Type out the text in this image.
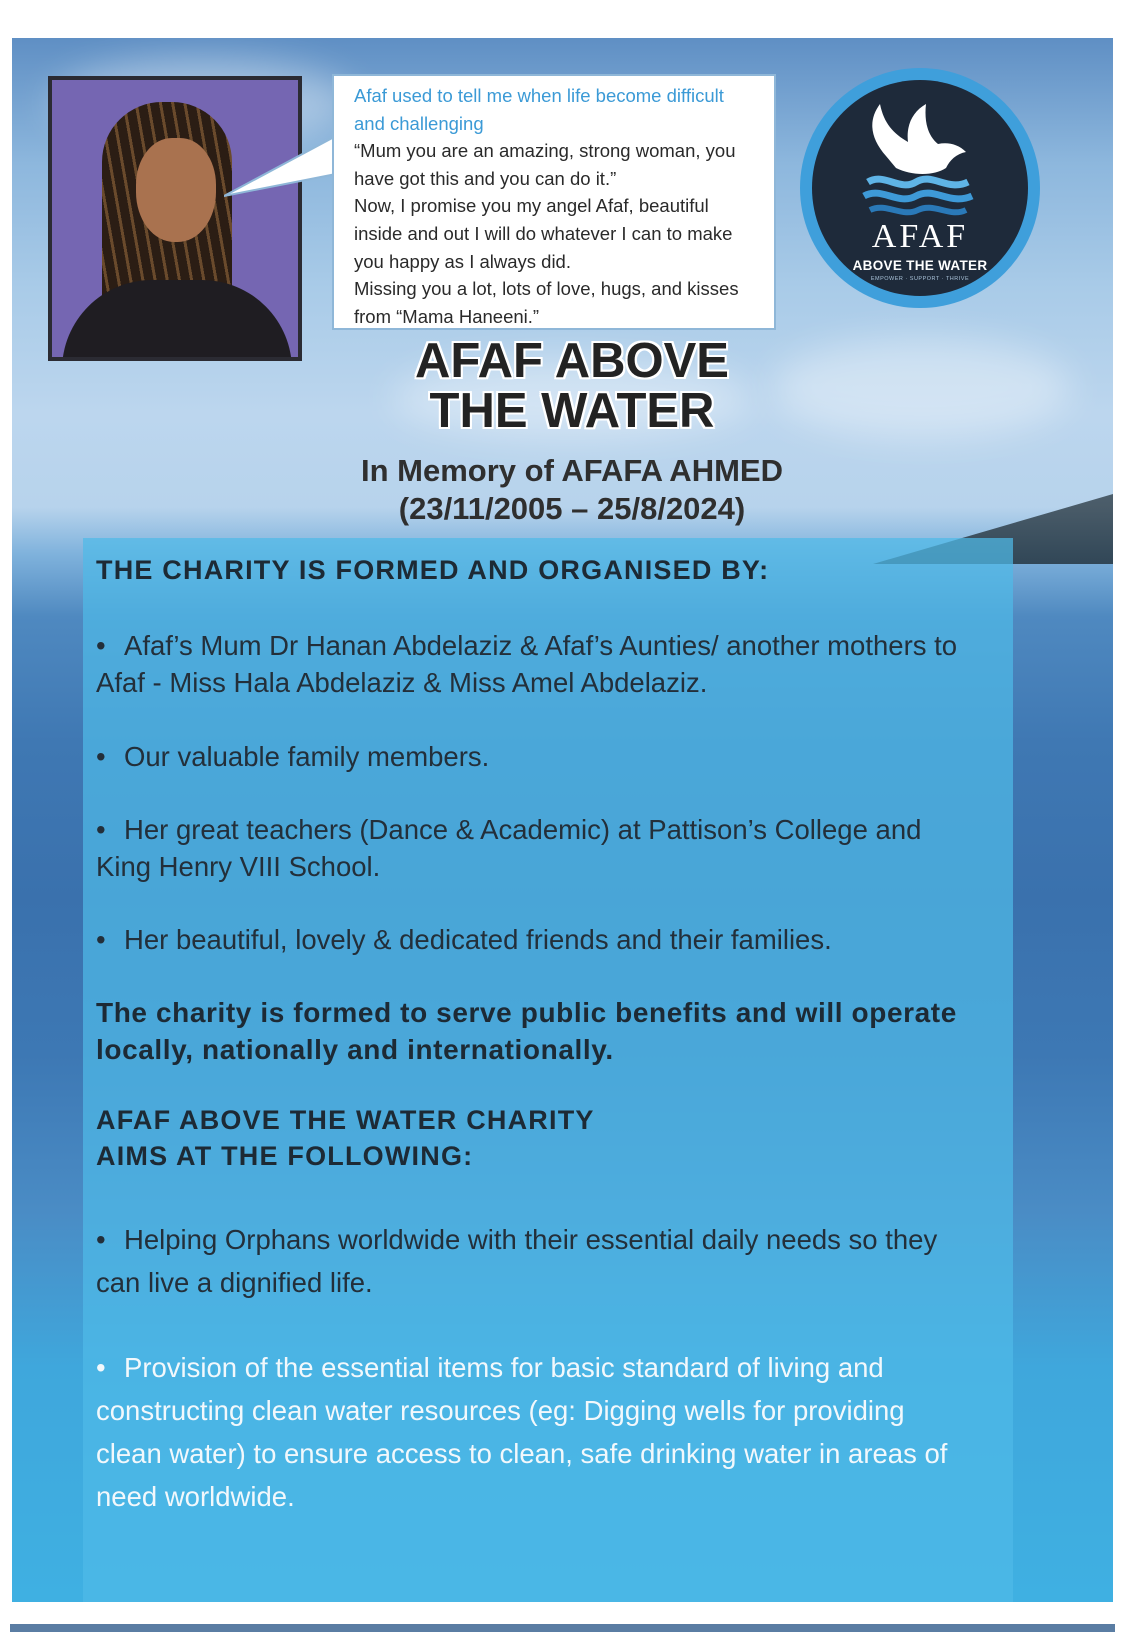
Afaf used to tell me when life become difficult and challenging
“Mum you are an amazing, strong woman, you have got this and you can do it.”
Now, I promise you my angel Afaf, beautiful inside and out I will do whatever I can to make you happy as I always did.
Missing you a lot, lots of love, hugs, and kisses from “Mama Haneeni.”
AFAF
ABOVE THE WATER
EMPOWER · SUPPORT · THRIVE
AFAF ABOVE
THE WATER
In Memory of AFAFA AHMED
(23/11/2005 – 25/8/2024)

THE CHARITY IS FORMED AND ORGANISED BY:

• Afaf’s Mum Dr Hanan Abdelaziz & Afaf’s Aunties/ another mothers to Afaf - Miss Hala Abdelaziz & Miss Amel Abdelaziz.

• Our valuable family members.

• Her great teachers (Dance & Academic) at Pattison’s College and King Henry VIII School.

• Her beautiful, lovely & dedicated friends and their families.

The charity is formed to serve public benefits and will operate locally, nationally and internationally.

AFAF ABOVE THE WATER CHARITY
AIMS AT THE FOLLOWING:

• Helping Orphans worldwide with their essential daily needs so they can live a dignified life.

• Provision of the essential items for basic standard of living and constructing clean water resources (eg: Digging wells for providing clean water) to ensure access to clean, safe drinking water in areas of need worldwide.
